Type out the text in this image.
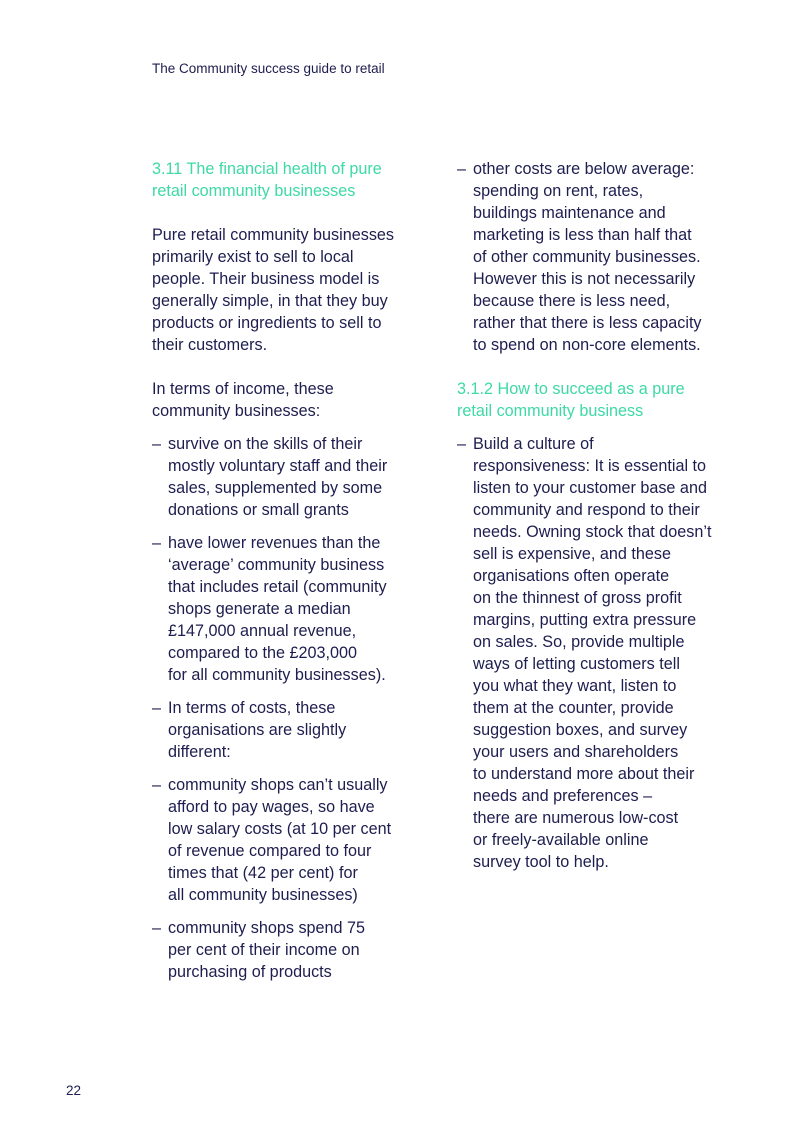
The Community success guide to retail
3.11 The financial health of pure
retail community businesses

Pure retail community businesses
primarily exist to sell to local
people. Their business model is
generally simple, in that they buy
products or ingredients to sell to
their customers.

In terms of income, these
community businesses:

– survive on the skills of their
mostly voluntary staff and their
sales, supplemented by some
donations or small grants
– have lower revenues than the
‘average’ community business
that includes retail (community
shops generate a median
£147,000 annual revenue,
compared to the £203,000
for all community businesses).
– In terms of costs, these
organisations are slightly
different:
– community shops can’t usually
afford to pay wages, so have
low salary costs (at 10 per cent
of revenue compared to four
times that (42 per cent) for
all community businesses)
– community shops spend 75
per cent of their income on
purchasing of products
– other costs are below average:
spending on rent, rates,
buildings maintenance and
marketing is less than half that
of other community businesses.
However this is not necessarily
because there is less need,
rather that there is less capacity
to spend on non-core elements.
3.1.2 How to succeed as a pure
retail community business
– Build a culture of
responsiveness: It is essential to
listen to your customer base and
community and respond to their
needs. Owning stock that doesn’t
sell is expensive, and these
organisations often operate
on the thinnest of gross profit
margins, putting extra pressure
on sales. So, provide multiple
ways of letting customers tell
you what they want, listen to
them at the counter, provide
suggestion boxes, and survey
your users and shareholders
to understand more about their
needs and preferences –
there are numerous low-cost
or freely-available online
survey tool to help.
22
